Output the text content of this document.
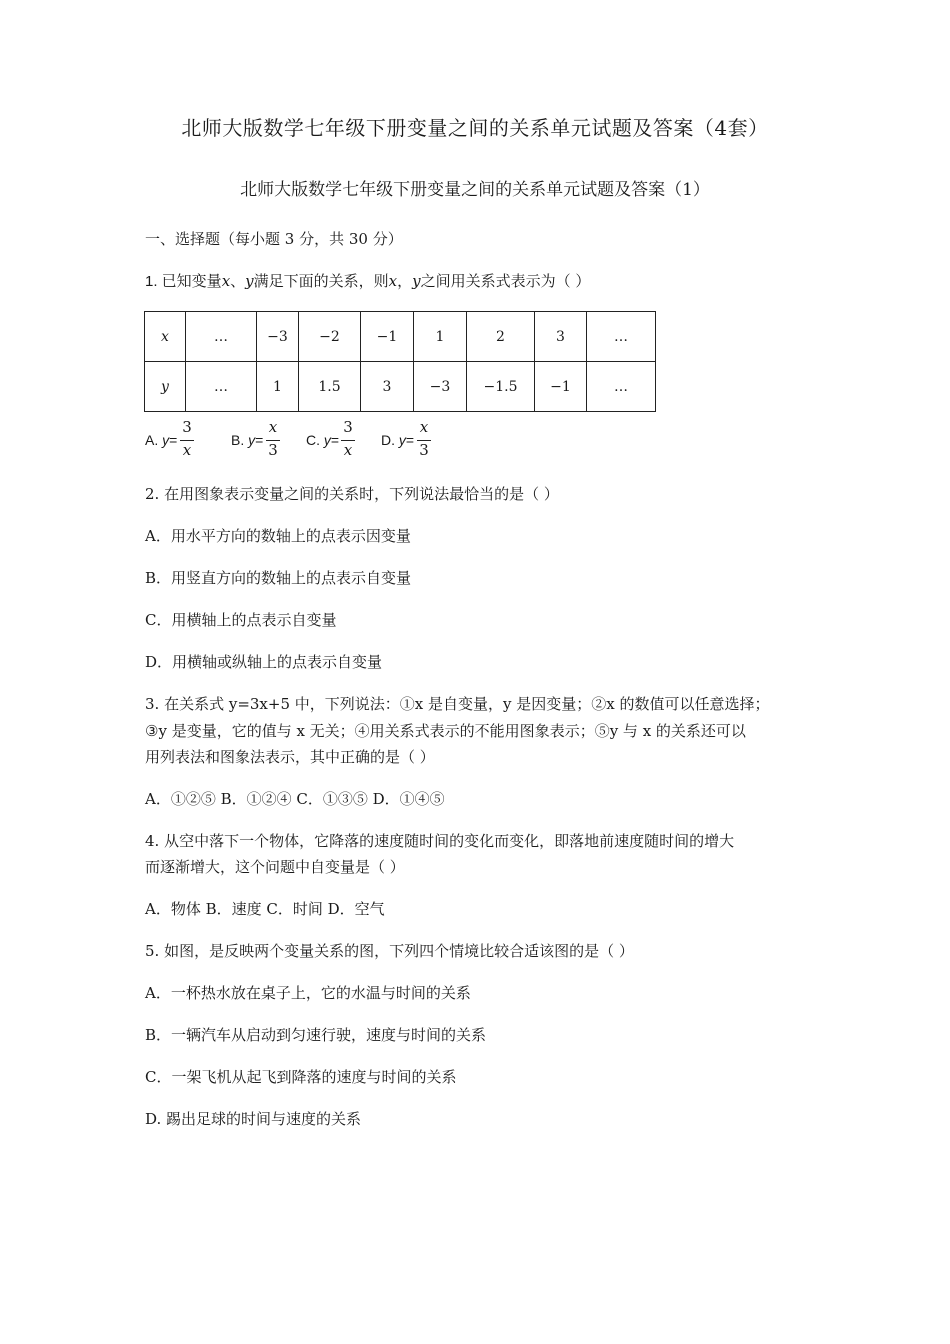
北师大版数学七年级下册变量之间的关系单元试题及答案（4套）
北师大版数学七年级下册变量之间的关系单元试题及答案（1）
一、选择题（每小题 3 分，共 30 分）
1. 已知变量x、y满足下面的关系，则x，y之间用关系式表示为（ ）
x	…	−3	−2	−1	1	2	3	…
y	…	1	1.5	3	−3	−1.5	−1	…
A. y=
3
x
B. y=
x
3
C. y=
3
x
D. y=
x
3
2. 在用图象表示变量之间的关系时，下列说法最恰当的是（ ）
A．用水平方向的数轴上的点表示因变量
B．用竖直方向的数轴上的点表示自变量
C．用横轴上的点表示自变量
D．用横轴或纵轴上的点表示自变量
3. 在关系式 y=3x+5 中，下列说法：①x 是自变量，y 是因变量；②x 的数值可以任意选择；
③y 是变量，它的值与 x 无关；④用关系式表示的不能用图象表示；⑤y 与 x 的关系还可以
用列表法和图象法表示，其中正确的是（ ）
A．①②⑤ B．①②④ C．①③⑤ D．①④⑤
4. 从空中落下一个物体，它降落的速度随时间的变化而变化，即落地前速度随时间的增大
而逐渐增大，这个问题中自变量是（ ）
A．物体 B．速度 C．时间 D．空气
5. 如图，是反映两个变量关系的图，下列四个情境比较合适该图的是（ ）
A．一杯热水放在桌子上，它的水温与时间的关系
B．一辆汽车从启动到匀速行驶，速度与时间的关系
C．一架飞机从起飞到降落的速度与时间的关系
D. 踢出足球的时间与速度的关系
